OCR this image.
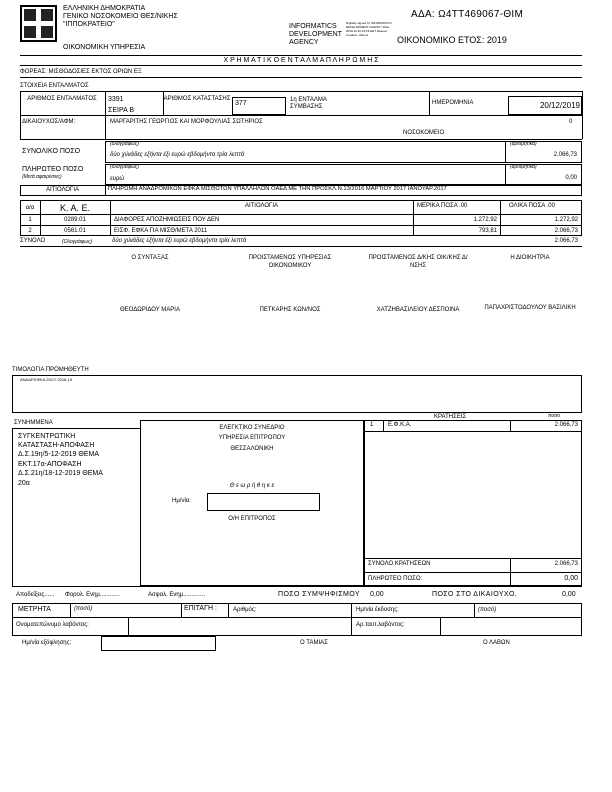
ΕΛΛΗΝΙΚΗ ΔΗΜΟΚΡΑΤΙΑ
ΓΕΝΙΚΟ ΝΟΣΟΚΟΜΕΙΟ ΘΕΣ/ΝΙΚΗΣ
"ΙΠΠΟΚΡΑΤΕΙΟ"
ΟΙΚΟΝΟΜΙΚΗ ΥΠΗΡΕΣΙΑ
INFORMATICS
DEVELOPMENT
AGENCY
Digitally signed by INFORMATICS DEVELOPMENT AGENCY Date: 2019.12.20 15:19 EET Reason: Location: Athens
ΑΔΑ: Ω4ΤΤ469067-ΘΙΜ
ΟΙΚΟΝΟΜΙΚΟ ΕΤΟΣ: 2019
Χ Ρ Η Μ Α Τ Ι Κ Ο Ε Ν Τ Α Λ Μ Α Π Λ Η Ρ Ω Μ Η Σ
ΦΟΡΕΑΣ: ΜΙΣΘΟΔΟΣΙΕΣ ΕΚΤΟΣ ΟΡΙΩΝ ΕΞ
ΣΤΟΙΧΕΙΑ ΕΝΤΑΛΜΑΤΟΣ
ΑΡΙΘΜΟΣ ΕΝΤΑΛΜΑΤΟΣ	3391
ΣΕΙΡΑ Β
ΑΡΙΘΜΟΣ ΚΑΤΑΣΤΑΣΗΣ
377	1η ΕΝΤΑΛΜΑ ΣΥΜΒΑΣΗΣ
ΗΜΕΡΟΜΗΝΙΑ	20/12/2019
ΔΙΚΑΙΟΥΧΟΣ/ΑΦΜ:	ΜΑΡΓΑΡΙΤΗΣ ΓΕΩΡΓΙΟΣ ΚΑΙ ΜΟΡΦΟΥΛΙΑΣ ΣΩΤΗΡΙΟΣ	0
ΝΟΣΟΚΟΜΕΙΟ
ΣΥΝΟΛΙΚΟ ΠΟΣΟ
(ολογράφως)
δύο χιλιάδες εξήντα έξι ευρώ εβδομήντα τρία λεπτά
(αριθμητικά)
2.066,73
ΠΛΗΡΩΤΕΟ ΠΟΣΟ
(Μετά αφαιρέσεις)
(ολογράφως)
ευρώ
(αριθμητικά)
0,00
ΑΙΤΙΟΛΟΓΙΑ	ΠΛΗΡΩΜΗ ΑΝΑΔΡΟΜΙΚΩΝ ΕΦΚΑ ΜΙΣΘΩΤΩΝ ΥΠΑΛΛΗΛΩΝ ΟΑΕΔ ΜΕ ΤΗΝ ΠΡΟΣΚΛ.Ν.13/2016 ΜΑΡΤΙΟΥ 2017 ΙΑΝΟΥΑΡ.2017
α/α	Κ. Α. Ε.	ΑΙΤΙΟΛΟΓΙΑ	ΜΕΡΙΚΑ ΠΟΣΑ .00	ΟΛΙΚΑ ΠΟΣΑ .00
1	0289.01	ΔΙΑΦΟΡΕΣ ΑΠΟΖΗΜΙΩΣΕΙΣ ΠΟΥ ΔΕΝ	1.272,92	1.272,92
2	0561.01	ΕΙΣΦ. ΕΦΚΑ ΓΙΑ ΜΙΣΘ/ΜΕΤΑ 2011	793,81	2.066,73
ΣΥΝΟΛΟ	(Ολογράφως)	δύο χιλιάδες εξήντα έξι ευρώ εβδομήντα τρία λεπτά	2.066,73
Ο ΣΥΝΤΑΞΑΣ	ΠΡΟΙΣΤΑΜΕΝΟΣ ΥΠΗΡΕΣΙΑΣ ΟΙΚΟΝΟΜΙΚΟΥ
ΠΡΟΙΣΤΑΜΕΝΟΣ Δ/ΚΗΣ ΟΙΚ/ΚΗΣ Δ/ΝΣΗΣ
Η ΔΙΟΙΚΗΤΡΙΑ
ΘΕΟΔΩΡΙΔΟΥ ΜΑΡΙΑ	ΠΕΤΚΑΡΗΣ ΚΩΝ/ΝΟΣ	ΧΑΤΖΗΒΑΣΙΛΕΙΟΥ ΔΕΣΠΟΙΝΑ	ΠΑΠΑΧΡΙΣΤΟΔΟΥΛΟΥ ΒΑΣΙΛΙΚΗ
ΤΙΜΟΛΟΓΙΑ ΠΡΟΜΗΘΕΥΤΗ
ΑΝΑΔΡ.ΕΦΚΑ 2017/ 2018-19
ΣΥΝΗΜΜΕΝΑ
ΚΡΑΤΗΣΕΙΣ	ποσό
ΣΥΓΚΕΝΤΡΩΤΙΚΗ
ΚΑΤΑΣΤΑΣΗ-ΑΠΟΦΑΣΗ
Δ.Σ.19η/5-12-2019 ΘΕΜΑ
ΕΚΤ.17α-ΑΠΟΦΑΣΗ
Δ.Σ.21η/18-12-2019 ΘΕΜΑ
20α
ΕΛΕΓΚΤΙΚΟ ΣΥΝΕΔΡΙΟ
ΥΠΗΡΕΣΙΑ ΕΠΙΤΡΟΠΟΥ
ΘΕΣΣΑΛΟΝΙΚΗ
Θ ε ω ρ ή θ η κ ε
Ημ/νία:
Ο/Η ΕΠΙΤΡΟΠΟΣ
1 Ε.Φ.Κ.Α.	2.066,73
ΣΥΝΟΛΟ ΚΡΑΤΗΣΕΩΝ	2.066,73
ΠΛΗΡΩΤΕΟ ΠΟΣΟ:	0,00
Αποδείξεις...... Φορολ. Ενημ............	Ασφαλ. Ενημ.............	ΠΟΣΟ ΣΥΜΨΗΦΙΣΜΟΥ 0,00	ΠΟΣΟ ΣΤΟ ΔΙΚΑΙΟΥΧΟ.	0,00
ΜΕΤΡΗΤΑ	(ποσό)	ΕΠΙΤΑΓΗ :	Αριθμός:	Ημ/νία έκδοσης:	(ποσό)
Ονοματεπώνυμο λαβόντος:	Αρ.ταυτ.λαβόντος:
Ημ/νία εξόφλησης:	Ο ΤΑΜΙΑΣ	Ο ΛΑΒΩΝ
